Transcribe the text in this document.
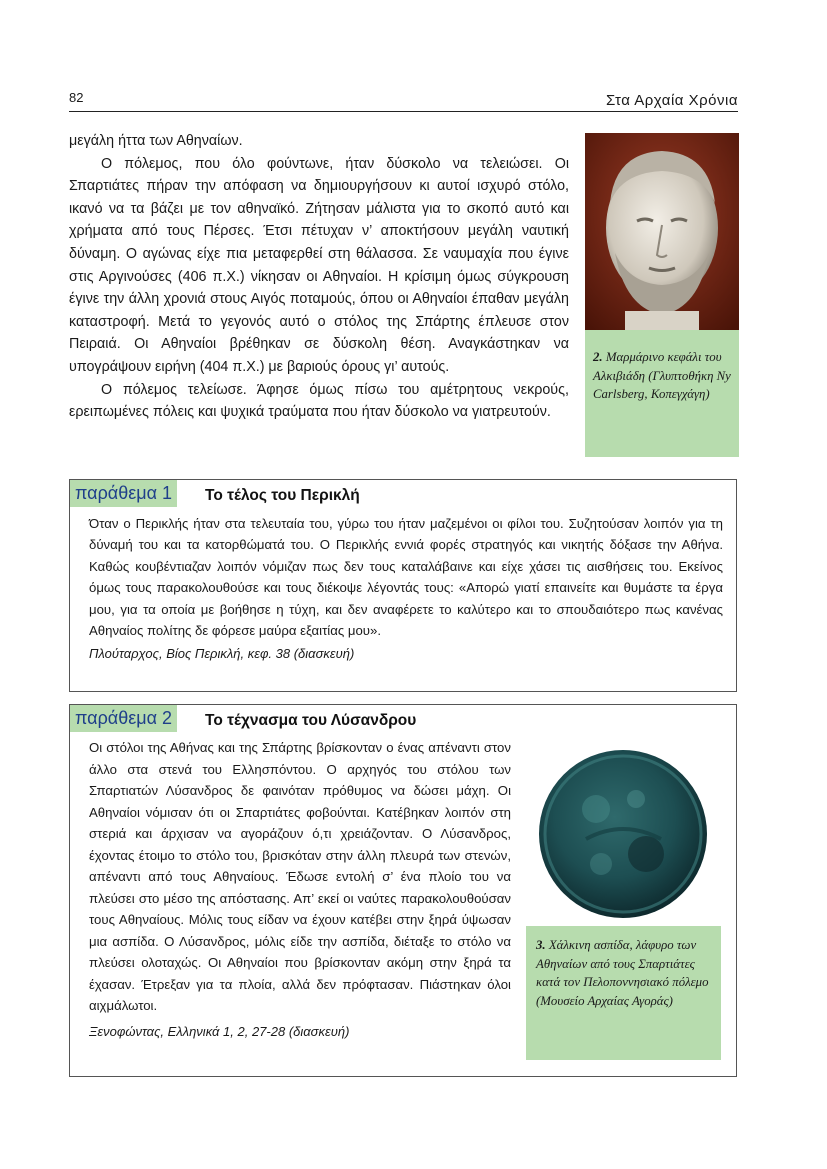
82	Στα Αρχαία Χρόνια

μεγάλη ήττα των Αθηναίων.

Ο πόλεμος, που όλο φούντωνε, ήταν δύσκολο να τελειώσει. Οι Σπαρτιάτες πήραν την απόφαση να δημιουργήσουν κι αυτοί ισχυρό στόλο, ικανό να τα βάζει με τον αθηναϊκό. Ζήτησαν μάλιστα για το σκοπό αυτό και χρήματα από τους Πέρσες. Έτσι πέτυχαν ν’ αποκτήσουν μεγάλη ναυτική δύναμη. Ο αγώνας είχε πια μεταφερθεί στη θάλασσα. Σε ναυμαχία που έγινε στις Αργινούσες (406 π.Χ.) νίκησαν οι Αθηναίοι. Η κρίσιμη όμως σύγκρουση έγινε την άλλη χρονιά στους Αιγός ποταμούς, όπου οι Αθηναίοι έπαθαν μεγάλη καταστροφή. Μετά το γεγονός αυτό ο στόλος της Σπάρτης έπλευσε στον Πειραιά. Οι Αθηναίοι βρέθηκαν σε δύσκολη θέση. Αναγκάστηκαν να υπογράψουν ειρήνη (404 π.Χ.) με βαριούς όρους γι’ αυτούς.

Ο πόλεμος τελείωσε. Άφησε όμως πίσω του αμέτρητους νεκρούς, ερειπωμένες πόλεις και ψυχικά τραύματα που ήταν δύσκολο να γιατρευτούν.

2. Μαρμάρινο κεφάλι του Αλκιβιάδη (Γλυπτοθήκη Ny Carlsberg, Κοπεγχάγη)
παράθεμα 1	Το τέλος του Περικλή

Όταν ο Περικλής ήταν στα τελευταία του, γύρω του ήταν μαζεμένοι οι φίλοι του. Συζητούσαν λοιπόν για τη δύναμή του και τα κατορθώματά του. Ο Περικλής εννιά φορές στρατηγός και νικητής δόξασε την Αθήνα. Καθώς κουβέντιαζαν λοιπόν νόμιζαν πως δεν τους καταλάβαινε και είχε χάσει τις αισθήσεις του. Εκείνος όμως τους παρακολουθούσε και τους διέκοψε λέγοντάς τους: «Απορώ γιατί επαινείτε και θυμάστε τα έργα μου, για τα οποία με βοήθησε η τύχη, και δεν αναφέρετε το καλύτερο και το σπουδαιότερο πως κανένας Αθηναίος πολίτης δε φόρεσε μαύρα εξαιτίας μου».

Πλούταρχος, Βίος Περικλή, κεφ. 38 (διασκευή)

παράθεμα 2	Το τέχνασμα του Λύσανδρου

Οι στόλοι της Αθήνας και της Σπάρτης βρίσκονταν ο ένας απέναντι στον άλλο στα στενά του Ελλησπόντου. Ο αρχηγός του στόλου των Σπαρτιατών Λύσανδρος δε φαινόταν πρόθυμος να δώσει μάχη. Οι Αθηναίοι νόμισαν ότι οι Σπαρτιάτες φοβούνται. Κατέβηκαν λοιπόν στη στεριά και άρχισαν να αγοράζουν ό,τι χρειάζονταν. Ο Λύσανδρος, έχοντας έτοιμο το στόλο του, βρισκόταν στην άλλη πλευρά των στενών, απέναντι από τους Αθηναίους. Έδωσε εντολή σ’ ένα πλοίο του να πλεύσει στο μέσο της απόστασης. Απ’ εκεί οι ναύτες παρακολουθούσαν τους Αθηναίους. Μόλις τους είδαν να έχουν κατέβει στην ξηρά ύψωσαν μια ασπίδα. Ο Λύσανδρος, μόλις είδε την ασπίδα, διέταξε το στόλο να πλεύσει ολοταχώς. Οι Αθηναίοι που βρίσκονταν ακόμη στην ξηρά τα έχασαν. Έτρεξαν για τα πλοία, αλλά δεν πρόφτασαν. Πιάστηκαν όλοι αιχμάλωτοι.

Ξενοφώντας, Ελληνικά 1, 2, 27-28 (διασκευή)

3. Χάλκινη ασπίδα, λάφυρο των Αθηναίων από τους Σπαρτιάτες κατά τον Πελοποννησιακό πόλεμο (Μουσείο Αρχαίας Αγοράς)
